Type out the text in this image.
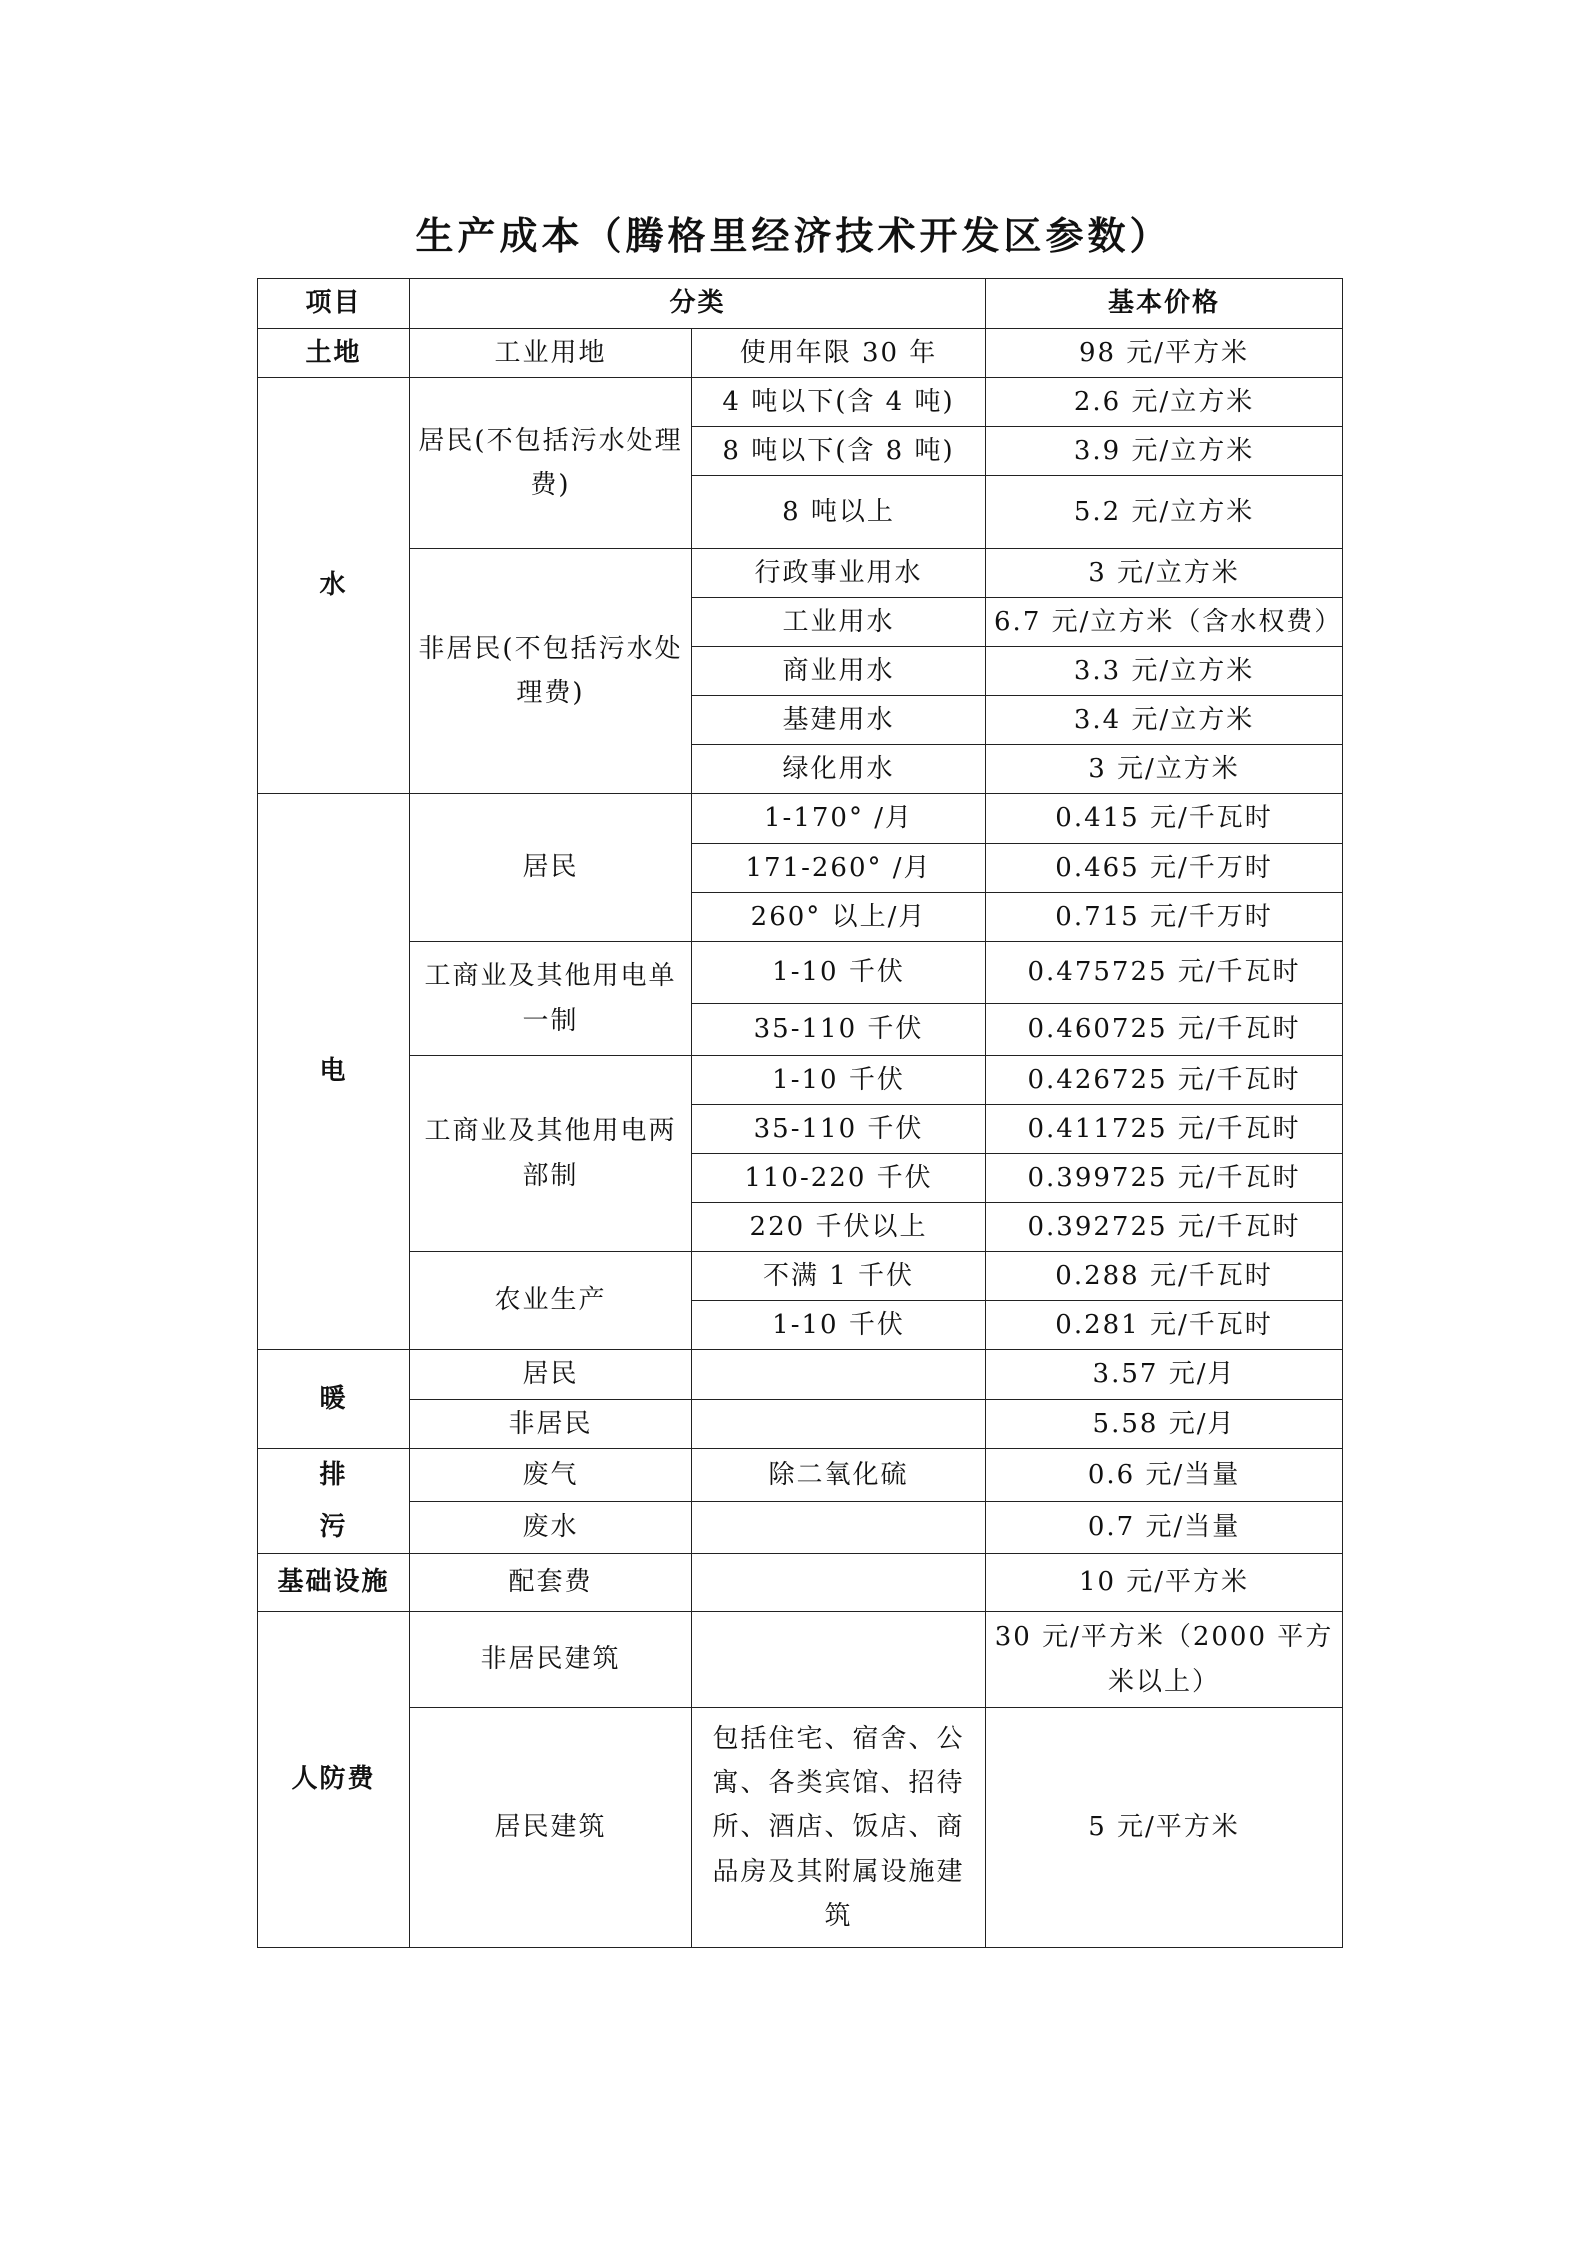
生产成本（腾格里经济技术开发区参数）
项目	分类		基本价格
土地	工业用地	使用年限 30 年	98 元/平方米
水	居民(不包括污水处理费)	4 吨以下(含 4 吨)	2.6 元/立方米
		8 吨以下(含 8 吨)	3.9 元/立方米
		8 吨以上	5.2 元/立方米
	非居民(不包括污水处理费)	行政事业用水	3 元/立方米
		工业用水	6.7 元/立方米（含水权费）
		商业用水	3.3 元/立方米
		基建用水	3.4 元/立方米
		绿化用水	3 元/立方米
电	居民	1-170° /月	0.415 元/千瓦时
		171-260° /月	0.465 元/千万时
		260° 以上/月	0.715 元/千万时
	工商业及其他用电单一制	1-10 千伏	0.475725 元/千瓦时
		35-110 千伏	0.460725 元/千瓦时
	工商业及其他用电两部制	1-10 千伏	0.426725 元/千瓦时
		35-110 千伏	0.411725 元/千瓦时
		110-220 千伏	0.399725 元/千瓦时
		220 千伏以上	0.392725 元/千瓦时
	农业生产	不满 1 千伏	0.288 元/千瓦时
		1-10 千伏	0.281 元/千瓦时
暖	居民		3.57 元/月
	非居民		5.58 元/月
排污	废气	除二氧化硫	0.6 元/当量
	废水		0.7 元/当量
基础设施	配套费		10 元/平方米
人防费	非居民建筑		30 元/平方米（2000 平方米以上）
	居民建筑	包括住宅、宿舍、公寓、各类宾馆、招待所、酒店、饭店、商品房及其附属设施建筑	5 元/平方米
